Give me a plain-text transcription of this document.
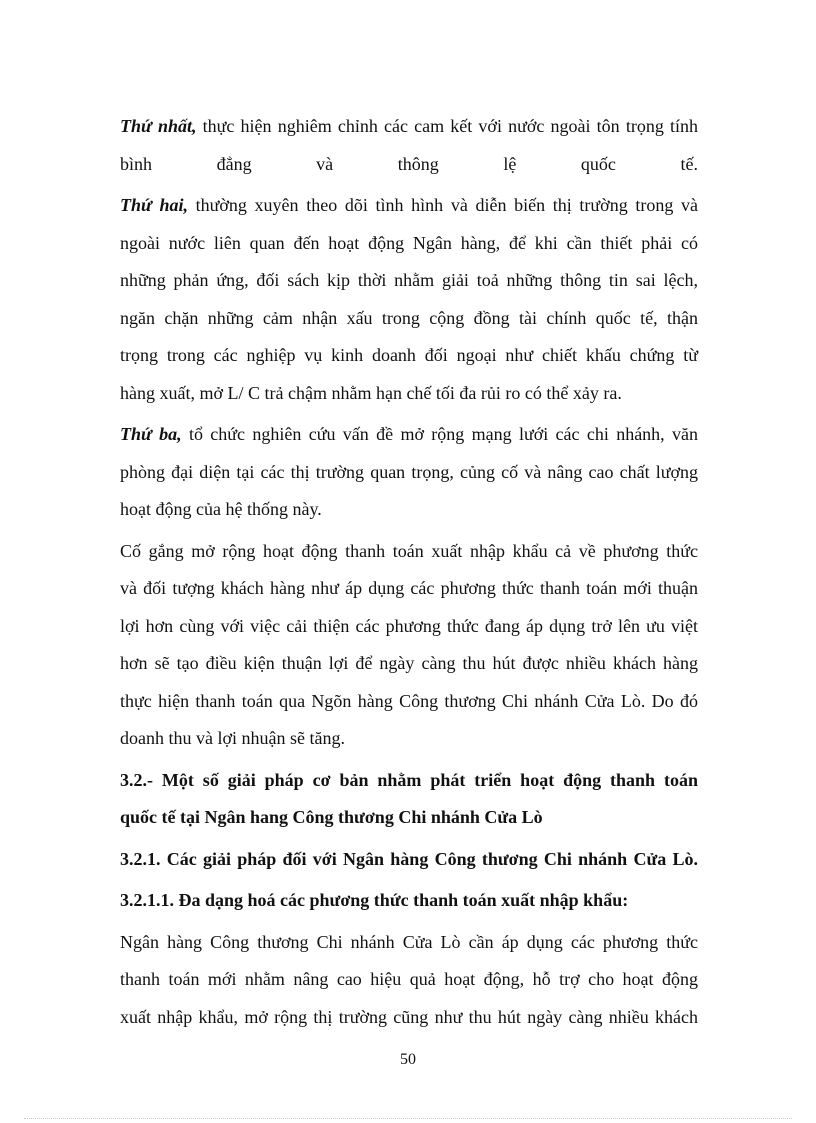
Thứ nhất, thực hiện nghiêm chỉnh các cam kết với nước ngoài tôn trọng tính
bình đẳng và thông lệ quốc tế.
Thứ hai, thường xuyên theo dõi tình hình và diễn biến thị trường trong và
ngoài nước liên quan đến hoạt động Ngân hàng, để khi cần thiết phải có
những phản ứng, đối sách kịp thời nhằm giải toả những thông tin sai lệch,
ngăn chặn những cảm nhận xấu trong cộng đồng tài chính quốc tế, thận
trọng trong các nghiệp vụ kinh doanh đối ngoại như chiết khấu chứng từ
hàng xuất, mở L/ C trả chậm nhằm hạn chế tối đa rủi ro có thể xảy ra.
Thứ ba, tổ chức nghiên cứu vấn đề mở rộng mạng lưới các chi nhánh, văn
phòng đại diện tại các thị trường quan trọng, củng cố và nâng cao chất lượng
hoạt động của hệ thống này.
Cố gắng mở rộng hoạt động thanh toán xuất nhập khẩu cả về phương thức
và đối tượng khách hàng như áp dụng các phương thức thanh toán mới thuận
lợi hơn cùng với việc cải thiện các phương thức đang áp dụng trở lên ưu việt
hơn sẽ tạo điều kiện thuận lợi để ngày càng thu hút được nhiều khách hàng
thực hiện thanh toán qua Ngõn hàng Công thương Chi nhánh Cửa Lò. Do đó
doanh thu và lợi nhuận sẽ tăng.
3.2.- Một số giải pháp cơ bản nhằm phát triển hoạt động thanh toán
quốc tế tại Ngân hang Công thương Chi nhánh Cửa Lò
3.2.1. Các giải pháp đối với Ngân hàng Công thương Chi nhánh Cửa Lò.
3.2.1.1. Đa dạng hoá các phương thức thanh toán xuất nhập khẩu:
Ngân hàng Công thương Chi nhánh Cửa Lò cần áp dụng các phương thức
thanh toán mới nhằm nâng cao hiệu quả hoạt động, hỗ trợ cho hoạt động
xuất nhập khẩu, mở rộng thị trường cũng như thu hút ngày càng nhiều khách
50
